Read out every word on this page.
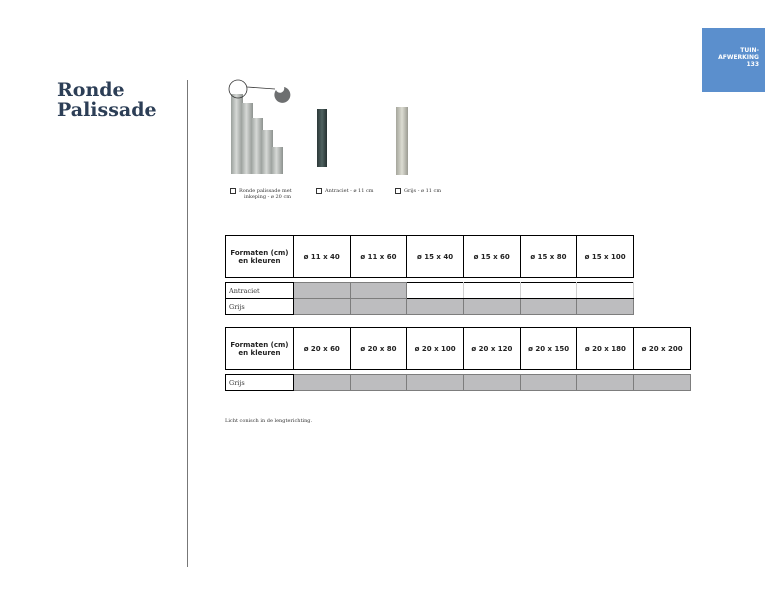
Ronde
Palissade
TUIN-
AFWERKING
133
Ronde palissade met
inkeping - ø 20 cm
Antraciet - ø 11 cm	Grijs - ø 11 cm
Formaten (cm)
en kleuren	ø 11 x 40	ø 11 x 60	ø 15 x 40	ø 15 x 60	ø 15 x 80	ø 15 x 100

Antraciet						
Grijs						
Formaten (cm)
en kleuren	ø 20 x 60	ø 20 x 80	ø 20 x 100	ø 20 x 120	ø 20 x 150	ø 20 x 180	ø 20 x 200

Grijs							

Licht conisch in de lengterichting.
